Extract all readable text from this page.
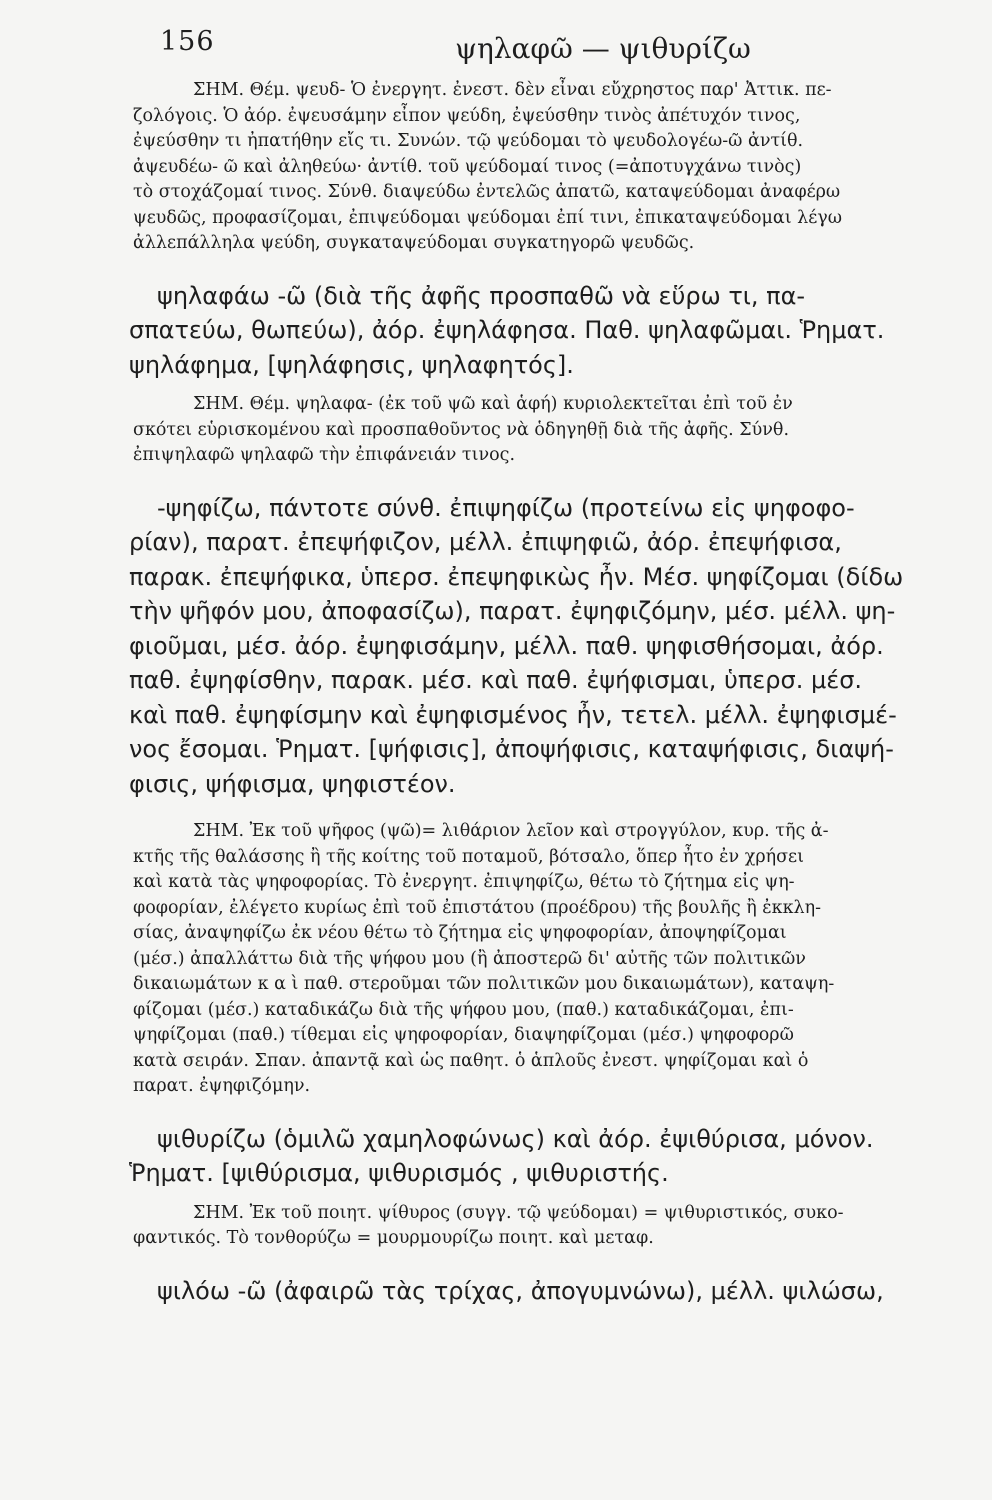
156	ψηλαφῶ — ψιθυρίζω
ΣΗΜ. Θέμ. ψευδ- Ὁ ἐνεργητ. ἐνεστ. δὲν εἶναι εὔχρηστος παρ' Ἀττικ. πε-
ζολόγοις. Ὁ ἀόρ. ἐψευσάμην εἶπον ψεύδη, ἐψεύσθην τινὸς ἀπέτυχόν τινος,
ἐψεύσθην τι ἠπατήθην εἴς τι. Συνών. τῷ ψεύδομαι τὸ ψευδολογέω-ῶ ἀντίθ.
ἀψευδέω- ῶ καὶ ἀληθεύω· ἀντίθ. τοῦ ψεύδομαί τινος (=ἀποτυγχάνω τινὸς)
τὸ στοχάζομαί τινος. Σύνθ. διαψεύδω ἐντελῶς ἀπατῶ, καταψεύδομαι ἀναφέρω
ψευδῶς, προφασίζομαι, ἐπιψεύδομαι ψεύδομαι ἐπί τινι, ἐπικαταψεύδομαι λέγω
ἀλλεπάλληλα ψεύδη, συγκαταψεύδομαι συγκατηγορῶ ψευδῶς.
ψηλαφάω -ῶ (διὰ τῆς ἀφῆς προσπαθῶ νὰ εὕρω τι, πα-
σπατεύω, θωπεύω), ἀόρ. ἐψηλάφησα. Παθ. ψηλαφῶμαι. Ῥηματ.
ψηλάφημα, [ψηλάφησις, ψηλαφητός].
ΣΗΜ. Θέμ. ψηλαφα- (ἐκ τοῦ ψῶ καὶ ἁφή) κυριολεκτεῖται ἐπὶ τοῦ ἐν
σκότει εὑρισκομένου καὶ προσπαθοῦντος νὰ ὁδηγηθῇ διὰ τῆς ἀφῆς. Σύνθ.
ἐπιψηλαφῶ ψηλαφῶ τὴν ἐπιφάνειάν τινος.
-ψηφίζω, πάντοτε σύνθ. ἐπιψηφίζω (προτείνω εἰς ψηφοφο-
ρίαν), παρατ. ἐπεψήφιζον, μέλλ. ἐπιψηφιῶ, ἀόρ. ἐπεψήφισα,
παρακ. ἐπεψήφικα, ὑπερσ. ἐπεψηφικὼς ἦν. Μέσ. ψηφίζομαι (δίδω
τὴν ψῆφόν μου, ἀποφασίζω), παρατ. ἐψηφιζόμην, μέσ. μέλλ. ψη-
φιοῦμαι, μέσ. ἀόρ. ἐψηφισάμην, μέλλ. παθ. ψηφισθήσομαι, ἀόρ.
παθ. ἐψηφίσθην, παρακ. μέσ. καὶ παθ. ἐψήφισμαι, ὑπερσ. μέσ.
καὶ παθ. ἐψηφίσμην καὶ ἐψηφισμένος ἦν, τετελ. μέλλ. ἐψηφισμέ-
νος ἔσομαι. Ῥηματ. [ψήφισις], ἀποψήφισις, καταψήφισις, διαψή-
φισις, ψήφισμα, ψηφιστέον.
ΣΗΜ. Ἐκ τοῦ ψῆφος (ψῶ)= λιθάριον λεῖον καὶ στρογγύλον, κυρ. τῆς ἀ-
κτῆς τῆς θαλάσσης ἢ τῆς κοίτης τοῦ ποταμοῦ, βότσαλο, ὅπερ ἦτο ἐν χρήσει
καὶ κατὰ τὰς ψηφοφορίας. Τὸ ἐνεργητ. ἐπιψηφίζω, θέτω τὸ ζήτημα εἰς ψη-
φοφορίαν, ἐλέγετο κυρίως ἐπὶ τοῦ ἐπιστάτου (προέδρου) τῆς βουλῆς ἢ ἐκκλη-
σίας, ἀναψηφίζω ἐκ νέου θέτω τὸ ζήτημα εἰς ψηφοφορίαν, ἀποψηφίζομαι
(μέσ.) ἀπαλλάττω διὰ τῆς ψήφου μου (ἢ ἀποστερῶ δι' αὐτῆς τῶν πολιτικῶν
δικαιωμάτων κ α ὶ παθ. στεροῦμαι τῶν πολιτικῶν μου δικαιωμάτων), καταψη-
φίζομαι (μέσ.) καταδικάζω διὰ τῆς ψήφου μου, (παθ.) καταδικάζομαι, ἐπι-
ψηφίζομαι (παθ.) τίθεμαι εἰς ψηφοφορίαν, διαψηφίζομαι (μέσ.) ψηφοφορῶ
κατὰ σειράν. Σπαν. ἀπαντᾷ καὶ ὡς παθητ. ὁ ἁπλοῦς ἐνεστ. ψηφίζομαι καὶ ὁ
παρατ. ἐψηφιζόμην.
ψιθυρίζω (ὁμιλῶ χαμηλοφώνως) καὶ ἀόρ. ἐψιθύρισα, μόνον.
Ῥηματ. [ψιθύρισμα, ψιθυρισμός , ψιθυριστής.
ΣΗΜ. Ἐκ τοῦ ποιητ. ψίθυρος (συγγ. τῷ ψεύδομαι) = ψιθυριστικός, συκο-
φαντικός. Τὸ τονθορύζω = μουρμουρίζω ποιητ. καὶ μεταφ.
ψιλόω -ῶ (ἀφαιρῶ τὰς τρίχας, ἀπογυμνώνω), μέλλ. ψιλώσω,
